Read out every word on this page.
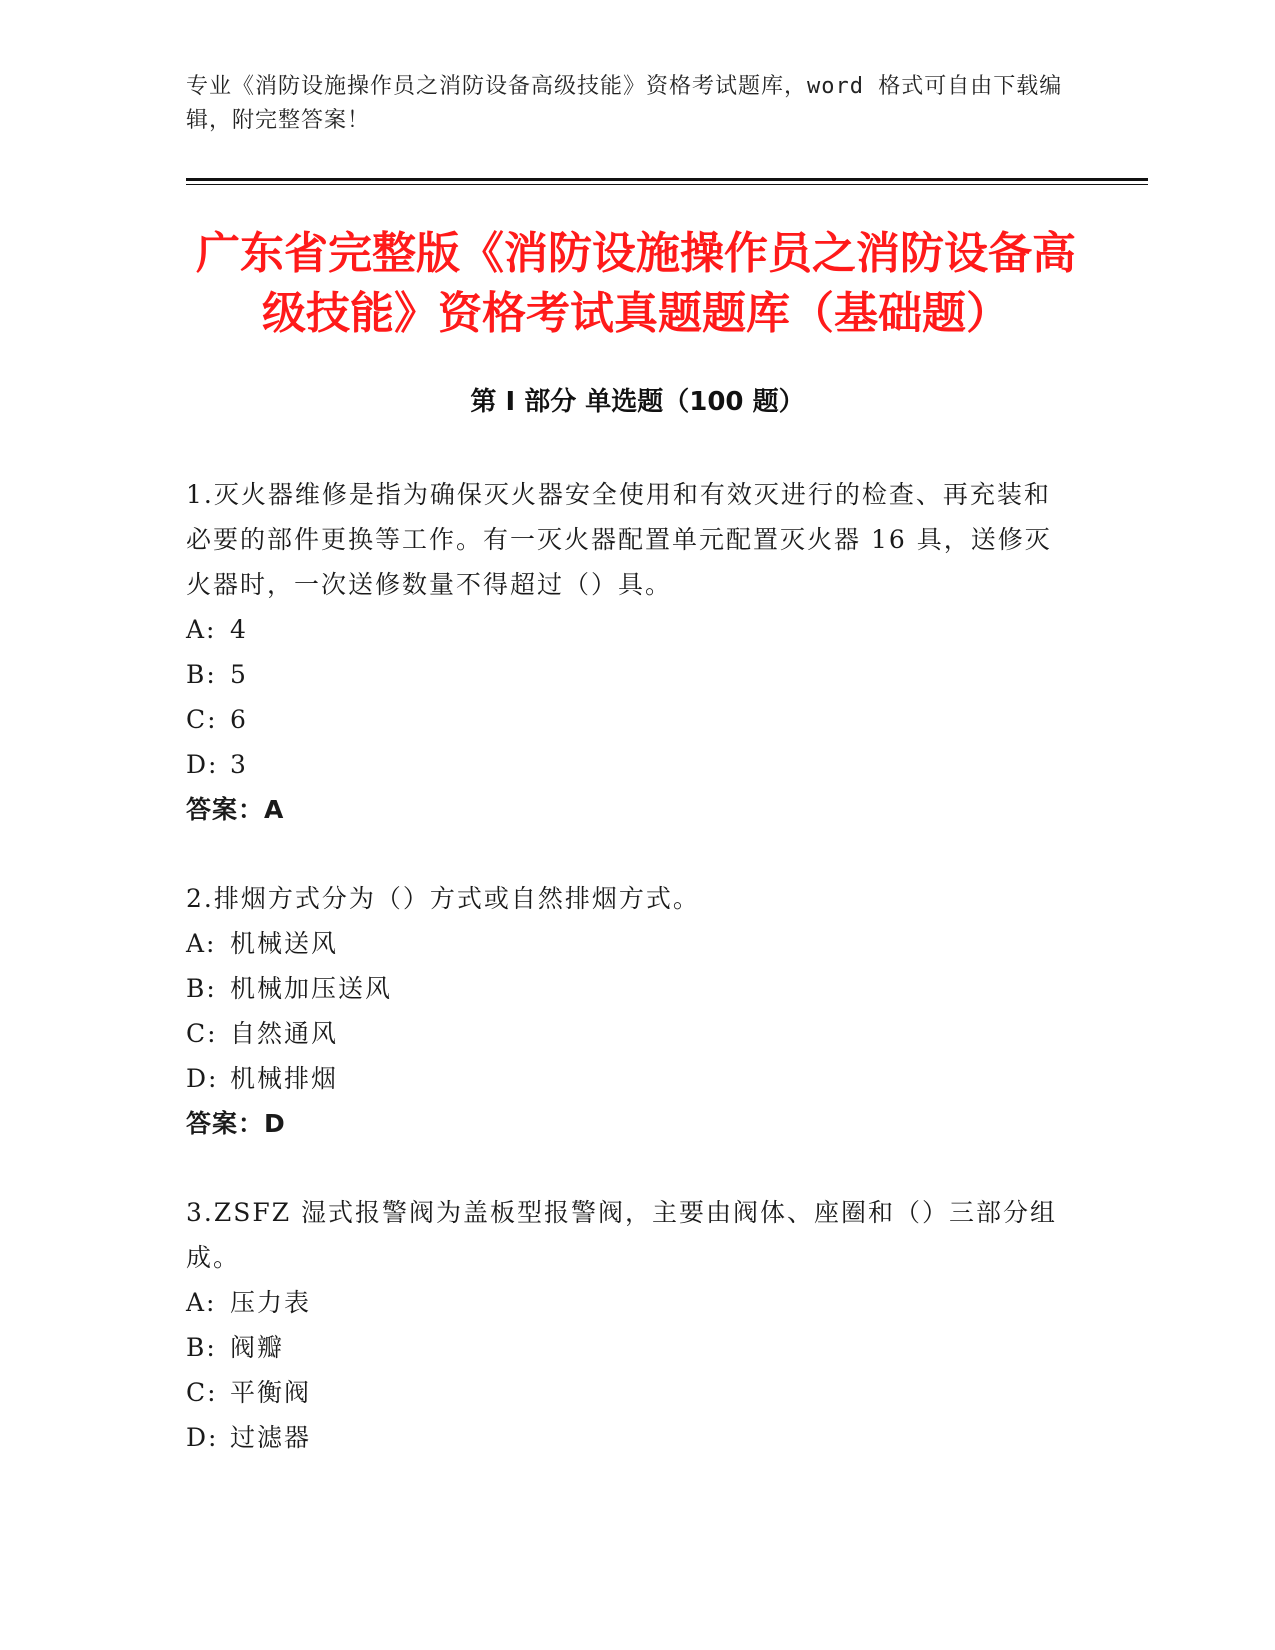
专业《消防设施操作员之消防设备高级技能》资格考试题库，word 格式可自由下载编辑，附完整答案！
广东省完整版《消防设施操作员之消防设备高级技能》资格考试真题题库（基础题）
第 I 部分 单选题（100 题）
1.灭火器维修是指为确保灭火器安全使用和有效灭进行的检查、再充装和必要的部件更换等工作。有一灭火器配置单元配置灭火器 16 具，送修灭火器时，一次送修数量不得超过（）具。
A: 4
B: 5
C: 6
D: 3
答案：A
2.排烟方式分为（）方式或自然排烟方式。
A: 机械送风
B: 机械加压送风
C: 自然通风
D: 机械排烟
答案：D
3.ZSFZ 湿式报警阀为盖板型报警阀，主要由阀体、座圈和（）三部分组成。
A: 压力表
B: 阀瓣
C: 平衡阀
D: 过滤器
